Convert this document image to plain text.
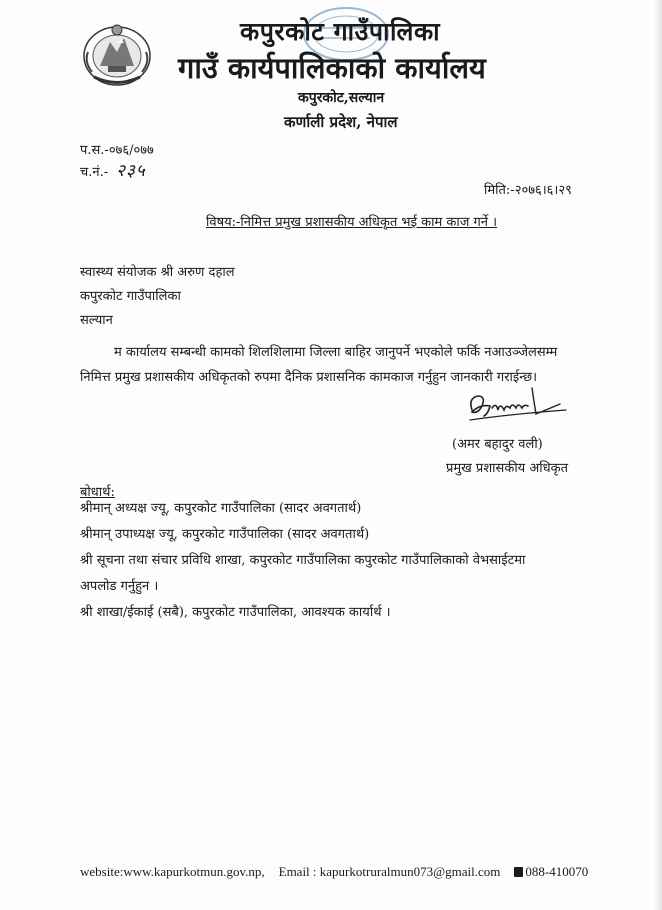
कपुरकोट गाउँपालिका
गाउँ कार्यपालिकाको कार्यालय
कपुरकोट,सल्यान
कर्णाली प्रदेश, नेपाल
प.स.-०७६/०७७
च.नं.- २३५
मिति:-२०७६।६।२९
विषय:-निमित्त प्रमुख प्रशासकीय अधिकृत भई काम काज गर्ने ।
स्वास्थ्य संयोजक श्री अरुण दहाल
कपुरकोट गाउँपालिका
सल्यान
म कार्यालय सम्बन्धी कामको शिलशिलामा जिल्ला बाहिर जानुपर्ने भएकोले फर्कि नआउञ्जेलसम्म
निमित्त प्रमुख प्रशासकीय अधिकृतको रुपमा दैनिक प्रशासनिक कामकाज गर्नुहुन जानकारी गराईन्छ।
(अमर बहादुर वली)
प्रमुख प्रशासकीय अधिकृत
बोधार्थ:
श्रीमान् अध्यक्ष ज्यू, कपुरकोट गाउँपालिका (सादर अवगतार्थ)
श्रीमान् उपाध्यक्ष ज्यू, कपुरकोट गाउँपालिका (सादर अवगतार्थ)
श्री सूचना तथा संचार प्रविधि शाखा, कपुरकोट गाउँपालिका कपुरकोट गाउँपालिकाको वेभसाईटमा
अपलोड गर्नुहुन ।
श्री शाखा/ईकाई (सबै), कपुरकोट गाउँपालिका, आवश्यक कार्यार्थ ।
website:www.kapurkotmun.gov.np, Email : kapurkotruralmun073@gmail.com 088-410070
